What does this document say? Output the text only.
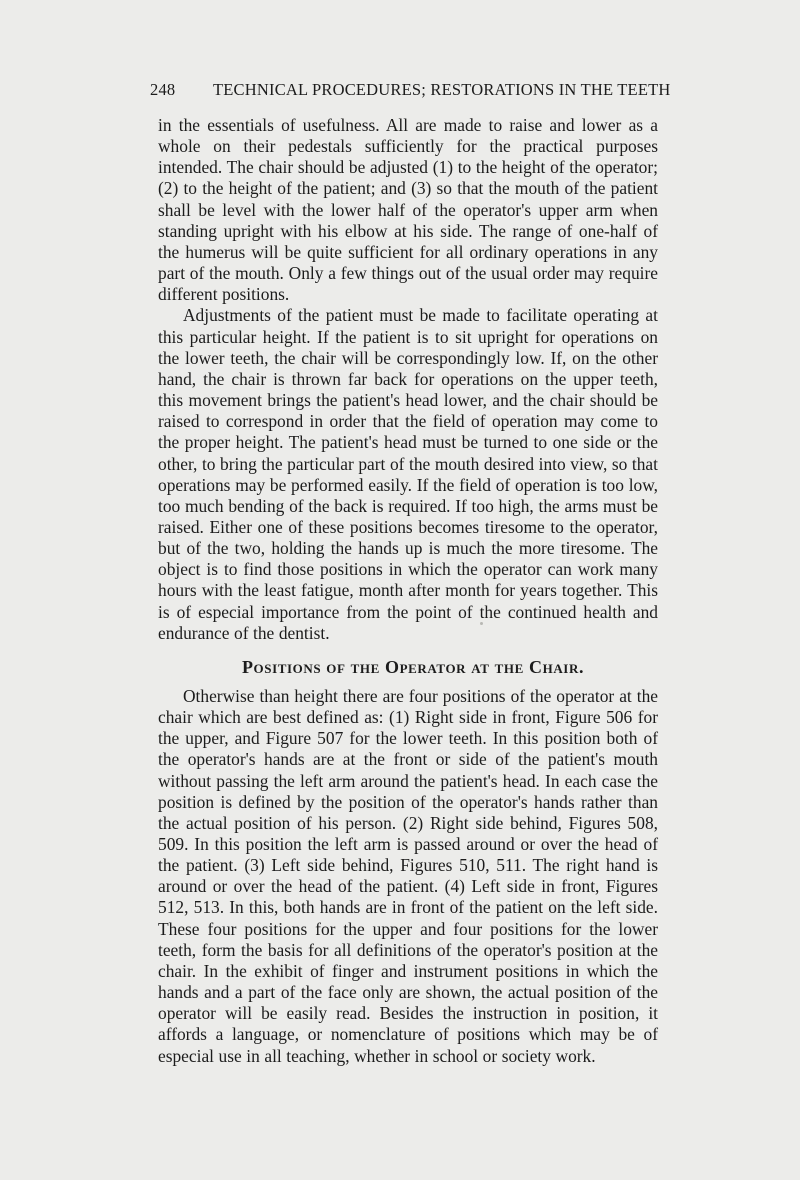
248	TECHNICAL PROCEDURES; RESTORATIONS IN THE TEETH

in the essentials of usefulness. All are made to raise and lower as a whole on their pedestals sufficiently for the practical purposes intended. The chair should be adjusted (1) to the height of the operator; (2) to the height of the patient; and (3) so that the mouth of the patient shall be level with the lower half of the operator's upper arm when standing upright with his elbow at his side. The range of one-half of the humerus will be quite sufficient for all ordinary operations in any part of the mouth. Only a few things out of the usual order may require different positions.

Adjustments of the patient must be made to facilitate operating at this particular height. If the patient is to sit upright for operations on the lower teeth, the chair will be correspondingly low. If, on the other hand, the chair is thrown far back for operations on the upper teeth, this movement brings the patient's head lower, and the chair should be raised to correspond in order that the field of operation may come to the proper height. The patient's head must be turned to one side or the other, to bring the particular part of the mouth desired into view, so that operations may be performed easily. If the field of operation is too low, too much bending of the back is required. If too high, the arms must be raised. Either one of these positions becomes tiresome to the operator, but of the two, holding the hands up is much the more tiresome. The object is to find those positions in which the operator can work many hours with the least fatigue, month after month for years together. This is of especial importance from the point of the continued health and endurance of the dentist.

Positions of the Operator at the Chair.

Otherwise than height there are four positions of the operator at the chair which are best defined as: (1) Right side in front, Figure 506 for the upper, and Figure 507 for the lower teeth. In this position both of the operator's hands are at the front or side of the patient's mouth without passing the left arm around the patient's head. In each case the position is defined by the position of the operator's hands rather than the actual position of his person. (2) Right side behind, Figures 508, 509. In this position the left arm is passed around or over the head of the patient. (3) Left side behind, Figures 510, 511. The right hand is around or over the head of the patient. (4) Left side in front, Figures 512, 513. In this, both hands are in front of the patient on the left side. These four positions for the upper and four positions for the lower teeth, form the basis for all definitions of the operator's position at the chair. In the exhibit of finger and instrument positions in which the hands and a part of the face only are shown, the actual position of the operator will be easily read. Besides the instruction in position, it affords a language, or nomenclature of positions which may be of especial use in all teaching, whether in school or society work.
